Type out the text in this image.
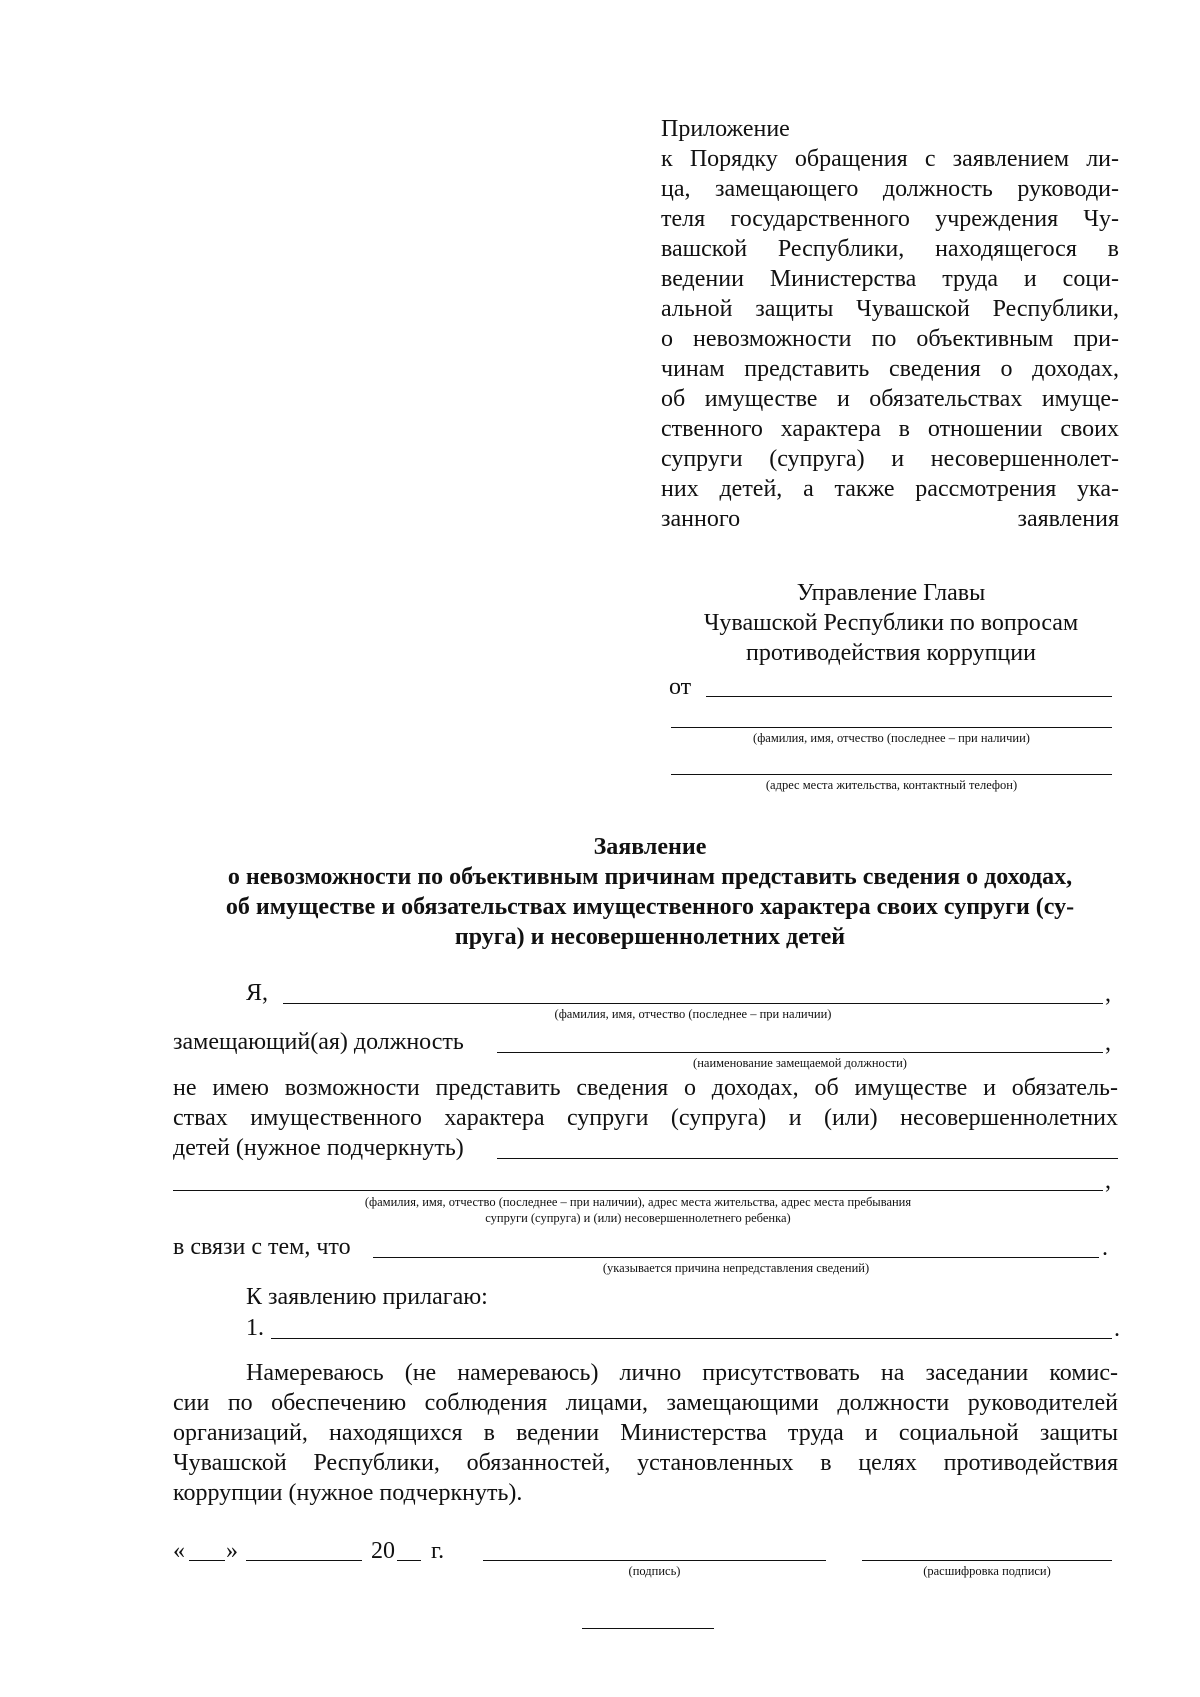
Приложение
к Порядку обращения с заявлением ли-
ца, замещающего должность руководи-
теля государственного учреждения Чу-
вашской Республики, находящегося в
ведении Министерства труда и соци-
альной защиты Чувашской Республики,
о невозможности по объективным при-
чинам представить сведения о доходах,
об имуществе и обязательствах имуще-
ственного характера в отношении своих
супруги (супруга) и несовершеннолет-
них детей, а также рассмотрения ука-
занного заявления
Управление Главы
Чувашской Республики по вопросам
противодействия коррупции
от
(фамилия, имя, отчество (последнее – при наличии)
(адрес места жительства, контактный телефон)
Заявление
о невозможности по объективным причинам представить сведения о доходах,
об имуществе и обязательствах имущественного характера своих супруги (су-
пруга) и несовершеннолетних детей
Я,	,
(фамилия, имя, отчество (последнее – при наличии)
замещающий(ая) должность	,
(наименование замещаемой должности)
не имею возможности представить сведения о доходах, об имуществе и обязатель-
ствах имущественного характера супруги (супруга) и (или) несовершеннолетних
детей (нужное подчеркнуть)
,
(фамилия, имя, отчество (последнее – при наличии), адрес места жительства, адрес места пребывания
супруги (супруга) и (или) несовершеннолетнего ребенка)
в связи с тем, что	.
(указывается причина непредставления сведений)
К заявлению прилагаю:
1.	.
Намереваюсь (не намереваюсь) лично присутствовать на заседании комис-
сии по обеспечению соблюдения лицами, замещающими должности руководителей
организаций, находящихся в ведении Министерства труда и социальной защиты
Чувашской Республики, обязанностей, установленных в целях противодействия
коррупции (нужное подчеркнуть).
« »	20 г.
(подпись)	(расшифровка подписи)
